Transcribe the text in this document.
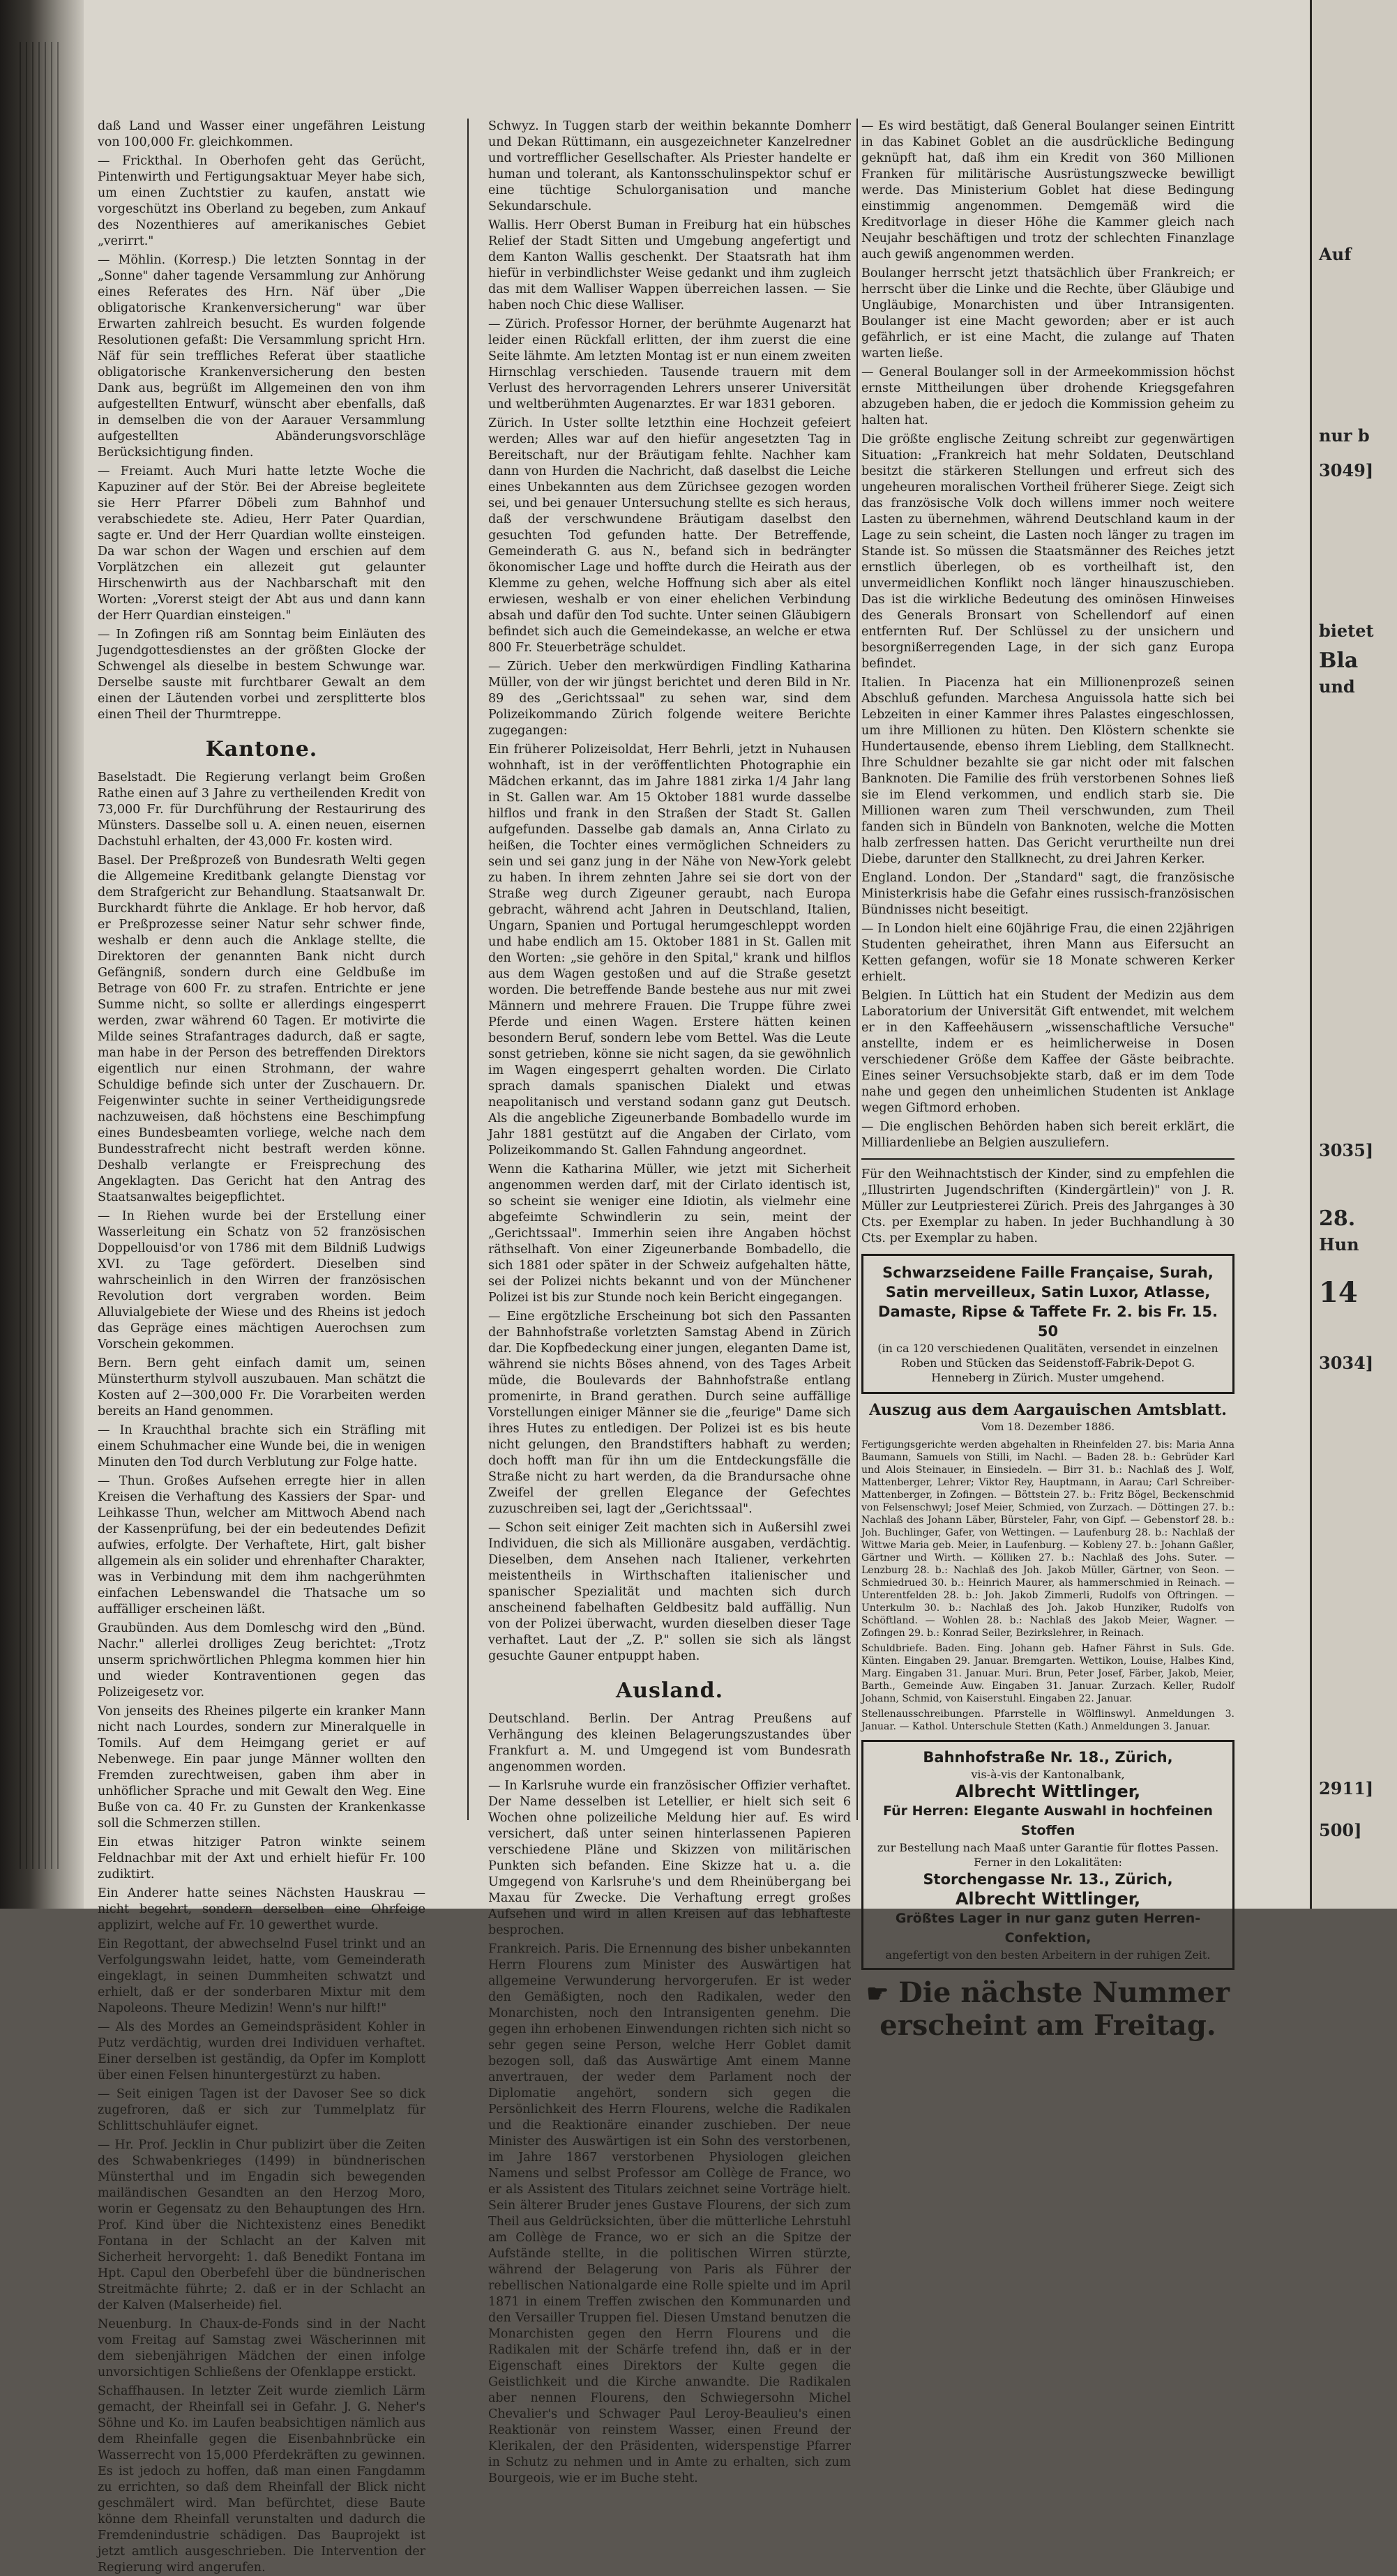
daß Land und Wasser einer ungefähren Leistung von 100,000 Fr. gleichkommen.

— Frickthal. In Oberhofen geht das Gerücht, Pintenwirth und Fertigungsaktuar Meyer habe sich, um einen Zuchtstier zu kaufen, anstatt wie vorgeschützt ins Oberland zu begeben, zum Ankauf des Nozenthieres auf amerikanisches Gebiet „verirrt."

— Möhlin. (Korresp.) Die letzten Sonntag in der „Sonne" daher tagende Versammlung zur Anhörung eines Referates des Hrn. Näf über „Die obligatorische Krankenversicherung" war über Erwarten zahlreich besucht. Es wurden folgende Resolutionen gefaßt: Die Versammlung spricht Hrn. Näf für sein treffliches Referat über staatliche obligatorische Krankenversicherung den besten Dank aus, begrüßt im Allgemeinen den von ihm aufgestellten Entwurf, wünscht aber ebenfalls, daß in demselben die von der Aarauer Versammlung aufgestellten Abänderungsvorschläge Berücksichtigung finden.

— Freiamt. Auch Muri hatte letzte Woche die Kapuziner auf der Stör. Bei der Abreise begleitete sie Herr Pfarrer Döbeli zum Bahnhof und verabschiedete ste. Adieu, Herr Pater Quardian, sagte er. Und der Herr Quardian wollte einsteigen. Da war schon der Wagen und erschien auf dem Vorplätzchen ein allezeit gut gelaunter Hirschenwirth aus der Nachbarschaft mit den Worten: „Vorerst steigt der Abt aus und dann kann der Herr Quardian einsteigen."

— In Zofingen riß am Sonntag beim Einläuten des Jugendgottesdienstes an der größten Glocke der Schwengel als dieselbe in bestem Schwunge war. Derselbe sauste mit furchtbarer Gewalt an dem einen der Läutenden vorbei und zersplitterte blos einen Theil der Thurmtreppe.

Kantone.

Baselstadt. Die Regierung verlangt beim Großen Rathe einen auf 3 Jahre zu vertheilenden Kredit von 73,000 Fr. für Durchführung der Restaurirung des Münsters. Dasselbe soll u. A. einen neuen, eisernen Dachstuhl erhalten, der 43,000 Fr. kosten wird.

Basel. Der Preßprozeß von Bundesrath Welti gegen die Allgemeine Kreditbank gelangte Dienstag vor dem Strafgericht zur Behandlung. Staatsanwalt Dr. Burckhardt führte die Anklage. Er hob hervor, daß er Preßprozesse seiner Natur sehr schwer finde, weshalb er denn auch die Anklage stellte, die Direktoren der genannten Bank nicht durch Gefängniß, sondern durch eine Geldbuße im Betrage von 600 Fr. zu strafen. Entrichte er jene Summe nicht, so sollte er allerdings eingesperrt werden, zwar während 60 Tagen. Er motivirte die Milde seines Strafantrages dadurch, daß er sagte, man habe in der Person des betreffenden Direktors eigentlich nur einen Strohmann, der wahre Schuldige befinde sich unter der Zuschauern. Dr. Feigenwinter suchte in seiner Vertheidigungsrede nachzuweisen, daß höchstens eine Beschimpfung eines Bundesbeamten vorliege, welche nach dem Bundesstrafrecht nicht bestraft werden könne. Deshalb verlangte er Freisprechung des Angeklagten. Das Gericht hat den Antrag des Staatsanwaltes beigepflichtet.

— In Riehen wurde bei der Erstellung einer Wasserleitung ein Schatz von 52 französischen Doppellouisd'or von 1786 mit dem Bildniß Ludwigs XVI. zu Tage gefördert. Dieselben sind wahrscheinlich in den Wirren der französischen Revolution dort vergraben worden. Beim Alluvialgebiete der Wiese und des Rheins ist jedoch das Gepräge eines mächtigen Auerochsen zum Vorschein gekommen.

Bern. Bern geht einfach damit um, seinen Münsterthurm stylvoll auszubauen. Man schätzt die Kosten auf 2—300,000 Fr. Die Vorarbeiten werden bereits an Hand genommen.

— In Krauchthal brachte sich ein Sträfling mit einem Schuhmacher eine Wunde bei, die in wenigen Minuten den Tod durch Verblutung zur Folge hatte.

— Thun. Großes Aufsehen erregte hier in allen Kreisen die Verhaftung des Kassiers der Spar- und Leihkasse Thun, welcher am Mittwoch Abend nach der Kassenprüfung, bei der ein bedeutendes Defizit aufwies, erfolgte. Der Verhaftete, Hirt, galt bisher allgemein als ein solider und ehrenhafter Charakter, was in Verbindung mit dem ihm nachgerühmten einfachen Lebenswandel die Thatsache um so auffälliger erscheinen läßt.

Graubünden. Aus dem Domleschg wird den „Bünd. Nachr." allerlei drolliges Zeug berichtet: „Trotz unserm sprichwörtlichen Phlegma kommen hier hin und wieder Kontraventionen gegen das Polizeigesetz vor.

Von jenseits des Rheines pilgerte ein kranker Mann nicht nach Lourdes, sondern zur Mineralquelle in Tomils. Auf dem Heimgang geriet er auf Nebenwege. Ein paar junge Männer wollten den Fremden zurechtweisen, gaben ihm aber in unhöflicher Sprache und mit Gewalt den Weg. Eine Buße von ca. 40 Fr. zu Gunsten der Krankenkasse soll die Schmerzen stillen.

Ein etwas hitziger Patron winkte seinem Feldnachbar mit der Axt und erhielt hiefür Fr. 100 zudiktirt.

Ein Anderer hatte seines Nächsten Hauskrau — nicht begehrt, sondern derselben eine Ohrfeige applizirt, welche auf Fr. 10 gewerthet wurde.

Ein Regottant, der abwechselnd Fusel trinkt und an Verfolgungswahn leidet, hatte, vom Gemeinderath eingeklagt, in seinen Dummheiten schwatzt und erhielt, daß er der sonderbaren Mixtur mit dem Napoleons. Theure Medizin! Wenn's nur hilft!"

— Als des Mordes an Gemeindspräsident Kohler in Putz verdächtig, wurden drei Individuen verhaftet. Einer derselben ist geständig, da Opfer im Komplott über einen Felsen hinuntergestürzt zu haben.

— Seit einigen Tagen ist der Davoser See so dick zugefroren, daß er sich zur Tummelplatz für Schlittschuhläufer eignet.

— Hr. Prof. Jecklin in Chur publizirt über die Zeiten des Schwabenkrieges (1499) in bündnerischen Münsterthal und im Engadin sich bewegenden mailändischen Gesandten an den Herzog Moro, worin er Gegensatz zu den Behauptungen des Hrn. Prof. Kind über die Nichtexistenz eines Benedikt Fontana in der Schlacht an der Kalven mit Sicherheit hervorgeht: 1. daß Benedikt Fontana im Hpt. Capul den Oberbefehl über die bündnerischen Streitmächte führte; 2. daß er in der Schlacht an der Kalven (Malserheide) fiel.

Neuenburg. In Chaux-de-Fonds sind in der Nacht vom Freitag auf Samstag zwei Wäscherinnen mit dem siebenjährigen Mädchen der einen infolge unvorsichtigen Schließens der Ofenklappe erstickt.

Schaffhausen. In letzter Zeit wurde ziemlich Lärm gemacht, der Rheinfall sei in Gefahr. J. G. Neher's Söhne und Ko. im Laufen beabsichtigen nämlich aus dem Rheinfalle gegen die Eisenbahnbrücke ein Wasserrecht von 15,000 Pferdekräften zu gewinnen. Es ist jedoch zu hoffen, daß man einen Fangdamm zu errichten, so daß dem Rheinfall der Blick nicht geschmälert wird. Man befürchtet, diese Baute könne dem Rheinfall verunstalten und dadurch die Fremdenindustrie schädigen. Das Bauprojekt ist jetzt amtlich ausgeschrieben. Die Intervention der Regierung wird angerufen.

Schwyz. In Tuggen starb der weithin bekannte Domherr und Dekan Rüttimann, ein ausgezeichneter Kanzelredner und vortrefflicher Gesellschafter. Als Priester handelte er human und tolerant, als Kantonsschulinspektor schuf er eine tüchtige Schulorganisation und manche Sekundarschule.

Wallis. Herr Oberst Buman in Freiburg hat ein hübsches Relief der Stadt Sitten und Umgebung angefertigt und dem Kanton Wallis geschenkt. Der Staatsrath hat ihm hiefür in verbindlichster Weise gedankt und ihm zugleich das mit dem Walliser Wappen überreichen lassen. — Sie haben noch Chic diese Walliser.

— Zürich. Professor Horner, der berühmte Augenarzt hat leider einen Rückfall erlitten, der ihm zuerst die eine Seite lähmte. Am letzten Montag ist er nun einem zweiten Hirnschlag verschieden. Tausende trauern mit dem Verlust des hervorragenden Lehrers unserer Universität und weltberühmten Augenarztes. Er war 1831 geboren.

Zürich. In Uster sollte letzthin eine Hochzeit gefeiert werden; Alles war auf den hiefür angesetzten Tag in Bereitschaft, nur der Bräutigam fehlte. Nachher kam dann von Hurden die Nachricht, daß daselbst die Leiche eines Unbekannten aus dem Zürichsee gezogen worden sei, und bei genauer Untersuchung stellte es sich heraus, daß der verschwundene Bräutigam daselbst den gesuchten Tod gefunden hatte. Der Betreffende, Gemeinderath G. aus N., befand sich in bedrängter ökonomischer Lage und hoffte durch die Heirath aus der Klemme zu gehen, welche Hoffnung sich aber als eitel erwiesen, weshalb er von einer ehelichen Verbindung absah und dafür den Tod suchte. Unter seinen Gläubigern befindet sich auch die Gemeindekasse, an welche er etwa 800 Fr. Steuerbeträge schuldet.

— Zürich. Ueber den merkwürdigen Findling Katharina Müller, von der wir jüngst berichtet und deren Bild in Nr. 89 des „Gerichtssaal" zu sehen war, sind dem Polizeikommando Zürich folgende weitere Berichte zugegangen:

Ein früherer Polizeisoldat, Herr Behrli, jetzt in Nuhausen wohnhaft, ist in der veröffentlichten Photographie ein Mädchen erkannt, das im Jahre 1881 zirka 1/4 Jahr lang in St. Gallen war. Am 15 Oktober 1881 wurde dasselbe hilflos und frank in den Straßen der Stadt St. Gallen aufgefunden. Dasselbe gab damals an, Anna Cirlato zu heißen, die Tochter eines vermöglichen Schneiders zu sein und sei ganz jung in der Nähe von New-York gelebt zu haben. In ihrem zehnten Jahre sei sie dort von der Straße weg durch Zigeuner geraubt, nach Europa gebracht, während acht Jahren in Deutschland, Italien, Ungarn, Spanien und Portugal herumgeschleppt worden und habe endlich am 15. Oktober 1881 in St. Gallen mit den Worten: „sie gehöre in den Spital," krank und hilflos aus dem Wagen gestoßen und auf die Straße gesetzt worden. Die betreffende Bande bestehe aus nur mit zwei Männern und mehrere Frauen. Die Truppe führe zwei Pferde und einen Wagen. Erstere hätten keinen besondern Beruf, sondern lebe vom Bettel. Was die Leute sonst getrieben, könne sie nicht sagen, da sie gewöhnlich im Wagen eingesperrt gehalten worden. Die Cirlato sprach damals spanischen Dialekt und etwas neapolitanisch und verstand sodann ganz gut Deutsch. Als die angebliche Zigeunerbande Bombadello wurde im Jahr 1881 gestützt auf die Angaben der Cirlato, vom Polizeikommando St. Gallen Fahndung angeordnet.

Wenn die Katharina Müller, wie jetzt mit Sicherheit angenommen werden darf, mit der Cirlato identisch ist, so scheint sie weniger eine Idiotin, als vielmehr eine abgefeimte Schwindlerin zu sein, meint der „Gerichtssaal". Immerhin seien ihre Angaben höchst räthselhaft. Von einer Zigeunerbande Bombadello, die sich 1881 oder später in der Schweiz aufgehalten hätte, sei der Polizei nichts bekannt und von der Münchener Polizei ist bis zur Stunde noch kein Bericht eingegangen.

— Eine ergötzliche Erscheinung bot sich den Passanten der Bahnhofstraße vorletzten Samstag Abend in Zürich dar. Die Kopfbedeckung einer jungen, eleganten Dame ist, während sie nichts Böses ahnend, von des Tages Arbeit müde, die Boulevards der Bahnhofstraße entlang promenirte, in Brand gerathen. Durch seine auffällige Vorstellungen einiger Männer sie die „feurige" Dame sich ihres Hutes zu entledigen. Der Polizei ist es bis heute nicht gelungen, den Brandstifters habhaft zu werden; doch hofft man für ihn um die Entdeckungsfälle die Straße nicht zu hart werden, da die Brandursache ohne Zweifel der grellen Elegance der Gefechtes zuzuschreiben sei, lagt der „Gerichtssaal".

— Schon seit einiger Zeit machten sich in Außersihl zwei Individuen, die sich als Millionäre ausgaben, verdächtig. Dieselben, dem Ansehen nach Italiener, verkehrten meistentheils in Wirthschaften italienischer und spanischer Spezialität und machten sich durch anscheinend fabelhaften Geldbesitz bald auffällig. Nun von der Polizei überwacht, wurden dieselben dieser Tage verhaftet. Laut der „Z. P." sollen sie sich als längst gesuchte Gauner entpuppt haben.

Ausland.

Deutschland. Berlin. Der Antrag Preußens auf Verhängung des kleinen Belagerungszustandes über Frankfurt a. M. und Umgegend ist vom Bundesrath angenommen worden.

— In Karlsruhe wurde ein französischer Offizier verhaftet. Der Name desselben ist Letellier, er hielt sich seit 6 Wochen ohne polizeiliche Meldung hier auf. Es wird versichert, daß unter seinen hinterlassenen Papieren verschiedene Pläne und Skizzen von militärischen Punkten sich befanden. Eine Skizze hat u. a. die Umgegend von Karlsruhe's und dem Rheinübergang bei Maxau für Zwecke. Die Verhaftung erregt großes Aufsehen und wird in allen Kreisen auf das lebhafteste besprochen.

Frankreich. Paris. Die Ernennung des bisher unbekannten Herrn Flourens zum Minister des Auswärtigen hat allgemeine Verwunderung hervorgerufen. Er ist weder den Gemäßigten, noch den Radikalen, weder den Monarchisten, noch den Intransigenten genehm. Die gegen ihn erhobenen Einwendungen richten sich nicht so sehr gegen seine Person, welche Herr Goblet damit bezogen soll, daß das Auswärtige Amt einem Manne anvertrauen, der weder dem Parlament noch der Diplomatie angehört, sondern sich gegen die Persönlichkeit des Herrn Flourens, welche die Radikalen und die Reaktionäre einander zuschieben. Der neue Minister des Auswärtigen ist ein Sohn des verstorbenen, im Jahre 1867 verstorbenen Physiologen gleichen Namens und selbst Professor am Collège de France, wo er als Assistent des Titulars zeichnet seine Vorträge hielt. Sein älterer Bruder jenes Gustave Flourens, der sich zum Theil aus Geldrücksichten, über die mütterliche Lehrstuhl am Collège de France, wo er sich an die Spitze der Aufstände stellte, in die politischen Wirren stürzte, während der Belagerung von Paris als Führer der rebellischen Nationalgarde eine Rolle spielte und im April 1871 in einem Treffen zwischen den Kommunarden und den Versailler Truppen fiel. Diesen Umstand benutzen die Monarchisten gegen den Herrn Flourens und die Radikalen mit der Schärfe trefend ihn, daß er in der Eigenschaft eines Direktors der Kulte gegen die Geistlichkeit und die Kirche anwandte. Die Radikalen aber nennen Flourens, den Schwiegersohn Michel Chevalier's und Schwager Paul Leroy-Beaulieu's einen Reaktionär von reinstem Wasser, einen Freund der Klerikalen, der den Präsidenten, widerspenstige Pfarrer in Schutz zu nehmen und in Amte zu erhalten, sich zum Bourgeois, wie er im Buche steht.

— Es wird bestätigt, daß General Boulanger seinen Eintritt in das Kabinet Goblet an die ausdrückliche Bedingung geknüpft hat, daß ihm ein Kredit von 360 Millionen Franken für militärische Ausrüstungszwecke bewilligt werde. Das Ministerium Goblet hat diese Bedingung einstimmig angenommen. Demgemäß wird die Kreditvorlage in dieser Höhe die Kammer gleich nach Neujahr beschäftigen und trotz der schlechten Finanzlage auch gewiß angenommen werden.

Boulanger herrscht jetzt thatsächlich über Frankreich; er herrscht über die Linke und die Rechte, über Gläubige und Ungläubige, Monarchisten und über Intransigenten. Boulanger ist eine Macht geworden; aber er ist auch gefährlich, er ist eine Macht, die zulange auf Thaten warten ließe.

— General Boulanger soll in der Armeekommission höchst ernste Mittheilungen über drohende Kriegsgefahren abzugeben haben, die er jedoch die Kommission geheim zu halten hat.

Die größte englische Zeitung schreibt zur gegenwärtigen Situation: „Frankreich hat mehr Soldaten, Deutschland besitzt die stärkeren Stellungen und erfreut sich des ungeheuren moralischen Vortheil früherer Siege. Zeigt sich das französische Volk doch willens immer noch weitere Lasten zu übernehmen, während Deutschland kaum in der Lage zu sein scheint, die Lasten noch länger zu tragen im Stande ist. So müssen die Staatsmänner des Reiches jetzt ernstlich überlegen, ob es vortheilhaft ist, den unvermeidlichen Konflikt noch länger hinauszuschieben. Das ist die wirkliche Bedeutung des ominösen Hinweises des Generals Bronsart von Schellendorf auf einen entfernten Ruf. Der Schlüssel zu der unsichern und besorgnißerregenden Lage, in der sich ganz Europa befindet.

Italien. In Piacenza hat ein Millionenprozeß seinen Abschluß gefunden. Marchesa Anguissola hatte sich bei Lebzeiten in einer Kammer ihres Palastes eingeschlossen, um ihre Millionen zu hüten. Den Klöstern schenkte sie Hundertausende, ebenso ihrem Liebling, dem Stallknecht. Ihre Schuldner bezahlte sie gar nicht oder mit falschen Banknoten. Die Familie des früh verstorbenen Sohnes ließ sie im Elend verkommen, und endlich starb sie. Die Millionen waren zum Theil verschwunden, zum Theil fanden sich in Bündeln von Banknoten, welche die Motten halb zerfressen hatten. Das Gericht verurtheilte nun drei Diebe, darunter den Stallknecht, zu drei Jahren Kerker.

England. London. Der „Standard" sagt, die französische Ministerkrisis habe die Gefahr eines russisch-französischen Bündnisses nicht beseitigt.

— In London hielt eine 60jährige Frau, die einen 22jährigen Studenten geheirathet, ihren Mann aus Eifersucht an Ketten gefangen, wofür sie 18 Monate schweren Kerker erhielt.

Belgien. In Lüttich hat ein Student der Medizin aus dem Laboratorium der Universität Gift entwendet, mit welchem er in den Kaffeehäusern „wissenschaftliche Versuche" anstellte, indem er es heimlicherweise in Dosen verschiedener Größe dem Kaffee der Gäste beibrachte. Eines seiner Versuchsobjekte starb, daß er im dem Tode nahe und gegen den unheimlichen Studenten ist Anklage wegen Giftmord erhoben.

— Die englischen Behörden haben sich bereit erklärt, die Milliardenliebe an Belgien auszuliefern.

Für den Weihnachtstisch der Kinder, sind zu empfehlen die „Illustrirten Jugendschriften (Kindergärtlein)" von J. R. Müller zur Leutpriesterei Zürich. Preis des Jahrganges à 30 Cts. per Exemplar zu haben. In jeder Buchhandlung à 30 Cts. per Exemplar zu haben.

Schwarzseidene Faille Française, Surah, Satin merveilleux, Satin Luxor, Atlasse, Damaste, Ripse & Taffete Fr. 2. bis Fr. 15. 50
(in ca 120 verschiedenen Qualitäten, versendet in einzelnen Roben und Stücken das Seidenstoff-Fabrik-Depot G. Henneberg in Zürich. Muster umgehend.
Auszug aus dem Aargauischen Amtsblatt.
Vom 18. Dezember 1886.

Fertigungsgerichte werden abgehalten in Rheinfelden 27. bis: Maria Anna Baumann, Samuels von Stilli, im Nachl. — Baden 28. b.: Gebrüder Karl und Alois Steinauer, in Einsiedeln. — Birr 31. b.: Nachlaß des J. Wolf, Mattenberger, Lehrer; Viktor Rey, Hauptmann, in Aarau; Carl Schreiber-Mattenberger, in Zofingen. — Böttstein 27. b.: Fritz Bögel, Beckenschmid von Felsenschwyl; Josef Meier, Schmied, von Zurzach. — Döttingen 27. b.: Nachlaß des Johann Läber, Bürsteler, Fahr, von Gipf. — Gebenstorf 28. b.: Joh. Buchlinger, Gafer, von Wettingen. — Laufenburg 28. b.: Nachlaß der Wittwe Maria geb. Meier, in Laufenburg. — Kobleny 27. b.: Johann Gaßler, Gärtner und Wirth. — Kölliken 27. b.: Nachlaß des Johs. Suter. — Lenzburg 28. b.: Nachlaß des Joh. Jakob Müller, Gärtner, von Seon. — Schmiedrued 30. b.: Heinrich Maurer, als hammerschmied in Reinach. — Unterentfelden 28. b.: Joh. Jakob Zimmerli, Rudolfs von Oftringen. — Unterkulm 30. b.: Nachlaß des Joh. Jakob Hunziker, Rudolfs von Schöftland. — Wohlen 28. b.: Nachlaß des Jakob Meier, Wagner. — Zofingen 29. b.: Konrad Seiler, Bezirkslehrer, in Reinach.

Schuldbriefe. Baden. Eing. Johann geb. Hafner Fährst in Suls. Gde. Künten. Eingaben 29. Januar. Bremgarten. Wettikon, Louise, Halbes Kind, Marg. Eingaben 31. Januar. Muri. Brun, Peter Josef, Färber, Jakob, Meier, Barth., Gemeinde Auw. Eingaben 31. Januar. Zurzach. Keller, Rudolf Johann, Schmid, von Kaiserstuhl. Eingaben 22. Januar.

Stellenausschreibungen. Pfarrstelle in Wölflinswyl. Anmeldungen 3. Januar. — Kathol. Unterschule Stetten (Kath.) Anmeldungen 3. Januar.

Bahnhofstraße Nr. 18., Zürich,
vis-à-vis der Kantonalbank,
Albrecht Wittlinger,
Für Herren: Elegante Auswahl in hochfeinen Stoffen
zur Bestellung nach Maaß unter Garantie für flottes Passen.
Ferner in den Lokalitäten:
Storchengasse Nr. 13., Zürich,
Albrecht Wittlinger,
Größtes Lager in nur ganz guten Herren-Confektion,
angefertigt von den besten Arbeitern in der ruhigen Zeit.
☛ Die nächste Nummer
erscheint am Freitag.
Auf
nur b
3049]
bietet
Bla
und
3035]
28.
Hun
14
3034]
2911]
500]
